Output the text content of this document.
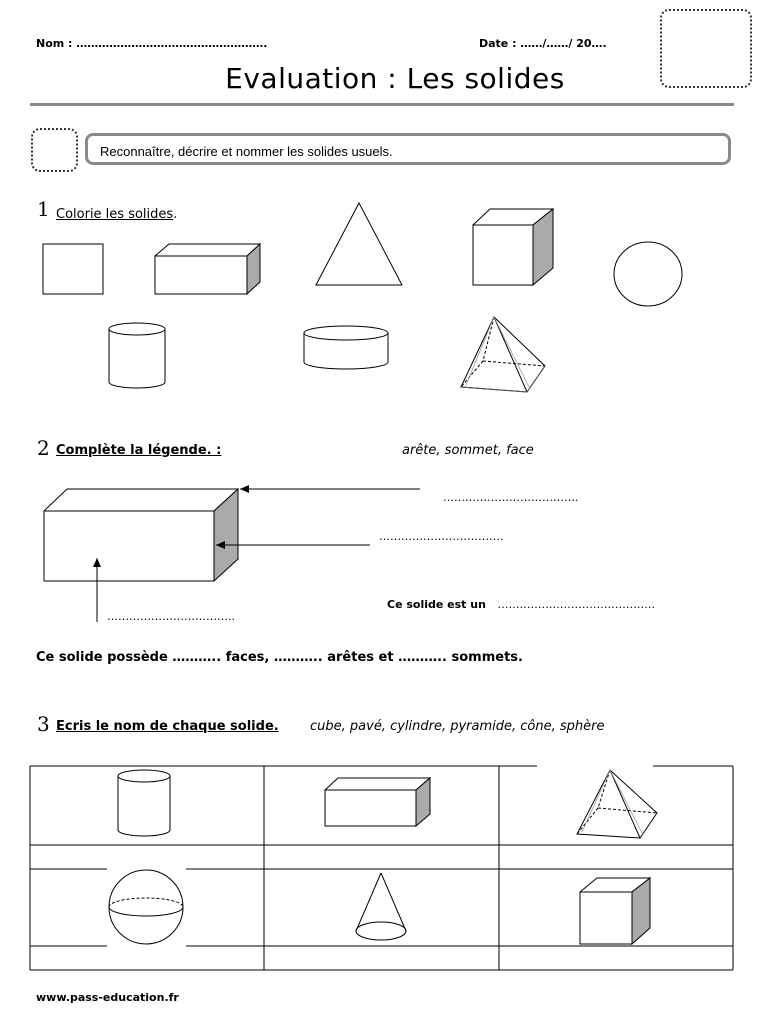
Nom : …………………………………………….	Date : ……/……/ 20….
Evaluation : Les solides
Reconnaître, décrire et nommer les solides usuels.
1 Colorie les solides.
2 Complète la légende. :	arête, sommet, face
……………………………….
…………………………….
……………………………..
Ce solide est un …………………………………….
Ce solide possède ……….. faces, ……….. arêtes et ……….. sommets.
3 Ecris le nom de chaque solide. cube, pavé, cylindre, pyramide, cône, sphère
www.pass-education.fr
